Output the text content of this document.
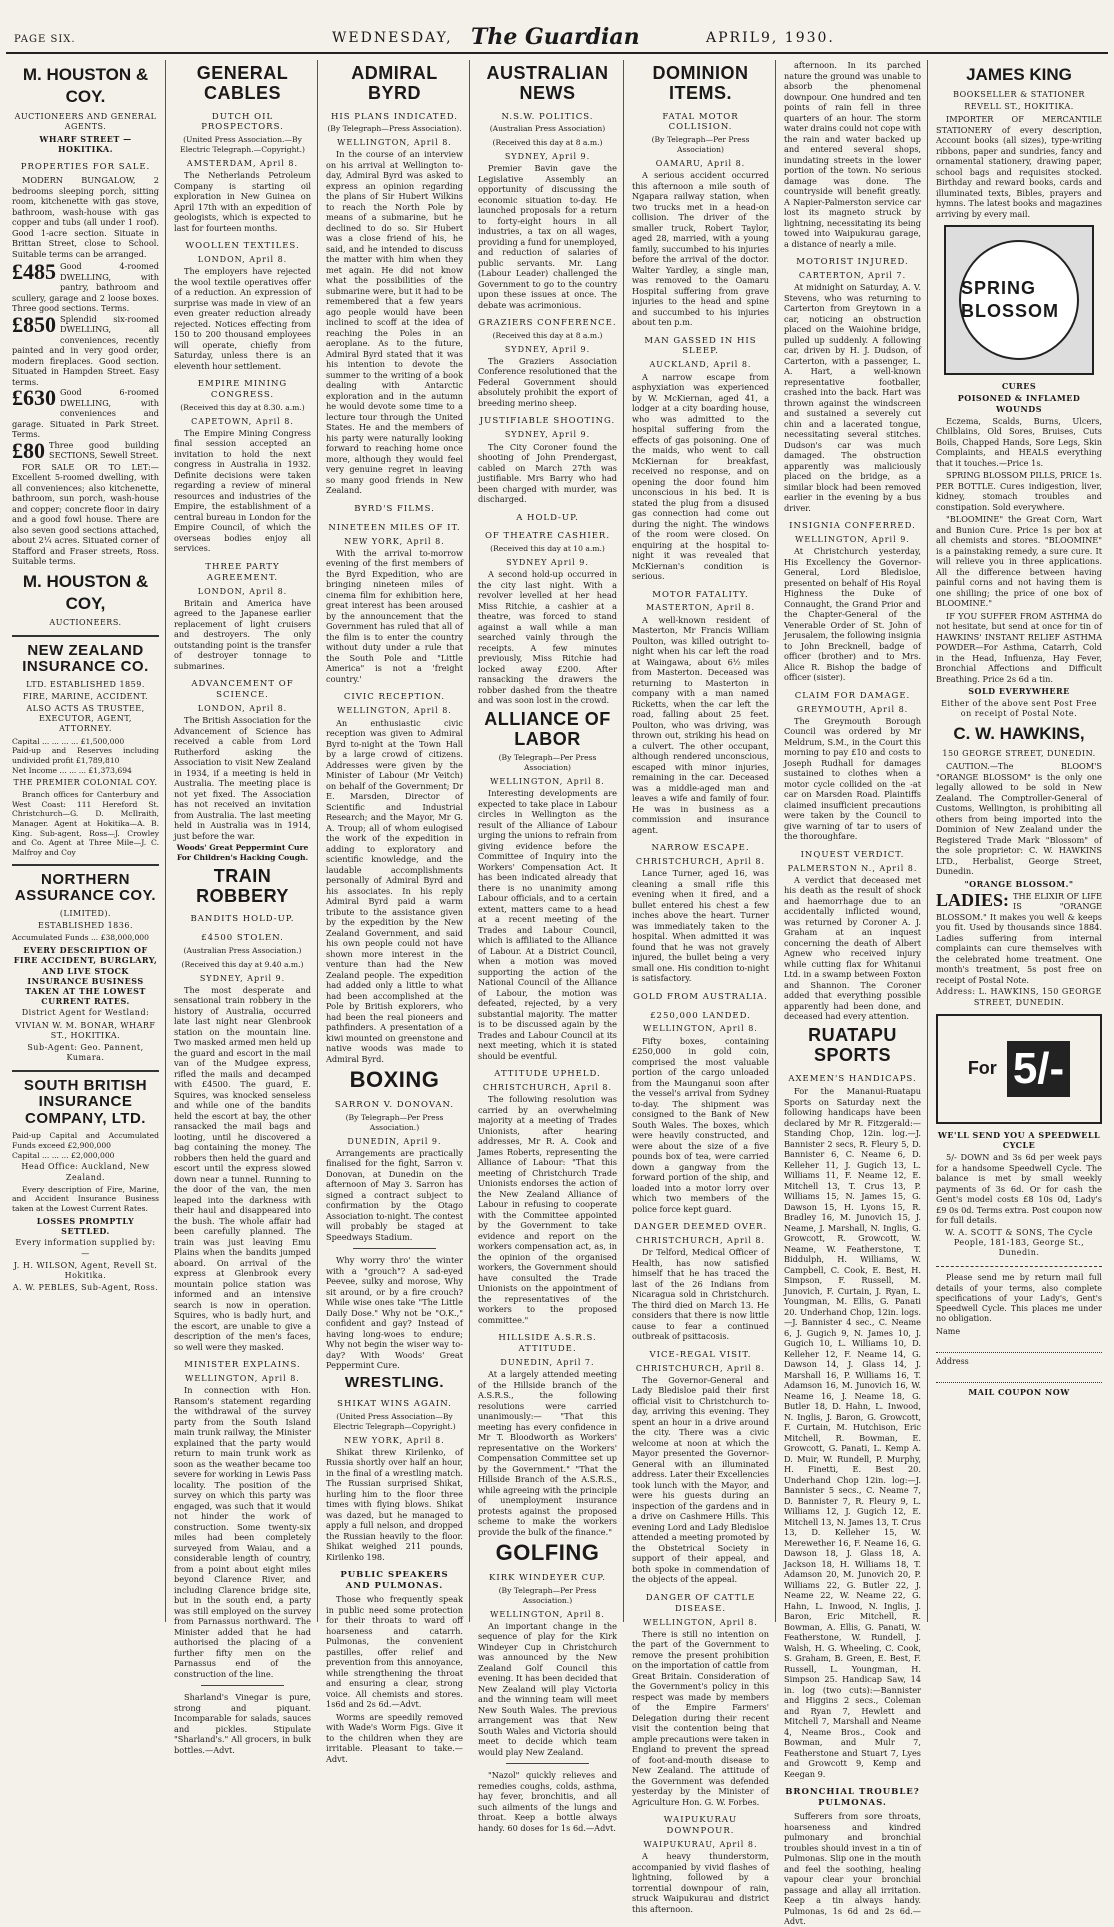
PAGE SIX.	WEDNESDAY, The Guardian	APRIL 9, 1930.
M. HOUSTON & COY.
AUCTIONEERS AND GENERAL AGENTS.
WHARF STREET — HOKITIKA.
PROPERTIES FOR SALE.

MODERN BUNGALOW, 2 bedrooms sleeping porch, sitting room, kitchenette with gas stove, bathroom, wash-house with gas copper and tubs (all under 1 roof). Good 1-acre section. Situate in Brittan Street, close to School. Suitable terms can be arranged.

£485 Good 4-roomed DWELLING, with pantry, bathroom and scullery, garage and 2 loose boxes. Three good sections. Terms.
£850 Splendid six-roomed DWELLING, all conveniences, recently painted and in very good order, modern fireplaces. Good section. Situated in Hampden Street. Easy terms.
£630 Good 6-roomed DWELLING, with conveniences and garage. Situated in Park Street. Terms.
£80 Three good building SECTIONS, Sewell Street.

FOR SALE OR TO LET:—Excellent 5-roomed dwelling, with all conveniences; also kitchenette, bathroom, sun porch, wash-house and copper; concrete floor in dairy and a good fowl house. There are also seven good sections attached, about 2¼ acres. Situated corner of Stafford and Fraser streets, Ross. Suitable terms.

M. HOUSTON & COY,
AUCTIONEERS.
NEW ZEALAND INSURANCE CO.
LTD. ESTABLISHED 1859.
FIRE, MARINE, ACCIDENT.
ALSO ACTS AS TRUSTEE, EXECUTOR, AGENT, ATTORNEY.
Capital ... ... ... ... £1,500,000
Paid-up and Reserves including undivided profit £1,789,810
Net Income ... ... ... £1,373,694
THE PREMIER COLONIAL COY.

Branch offices for Canterbury and West Coast: 111 Hereford St. Christchurch—G. D. McIlraith, Manager. Agent at Hokitika—A. B. King. Sub-agent, Ross—J. Crowley and Co. Agent at Three Mile—J. C. Malfroy and Coy

NORTHERN ASSURANCE COY.
(LIMITED).
ESTABLISHED 1836.
Accumulated Funds ... £38,000,000
EVERY DESCRIPTION OF FIRE ACCIDENT, BURGLARY, AND LIVE STOCK INSURANCE BUSINESS TAKEN AT THE LOWEST CURRENT RATES.
District Agent for Westland:
VIVIAN W. M. BONAR, WHARF ST., HOKITIKA.
Sub-Agent: Geo. Pannent, Kumara.
SOUTH BRITISH INSURANCE COMPANY, LTD.
Paid-up Capital and Accumulated Funds exceed £2,900,000
Capital ... ... ... £2,000,000
Head Office: Auckland, New Zealand.

Every description of Fire, Marine, and Accident Insurance Business taken at the Lowest Current Rates.

LOSSES PROMPTLY SETTLED.
Every information supplied by:—
J. H. WILSON, Agent, Revell St. Hokitika.
A. W. PEBLES, Sub-Agent, Ross.
GENERAL CABLES
DUTCH OIL PROSPECTORS.
(United Press Association.—By Electric Telegraph.—Copyright.)
AMSTERDAM, April 8.

The Netherlands Petroleum Company is starting oil exploration in New Guinea on April 17th with an expedition of geologists, which is expected to last for fourteen months.

WOOLLEN TEXTILES.
LONDON, April 8.

The employers have rejected the wool textile operatives offer of a reduction. An expression of surprise was made in view of an even greater reduction already rejected. Notices effecting from 150 to 200 thousand employees will operate, chiefly from Saturday, unless there is an eleventh hour settlement.

EMPIRE MINING CONGRESS.
(Received this day at 8.30. a.m.)
CAPETOWN, April 8.

The Empire Mining Congress final session accepted an invitation to hold the next congress in Australia in 1932. Definite decisions were taken regarding a review of mineral resources and industries of the Empire, the establishment of a central bureau in London for the Empire Council, of which the overseas bodies enjoy all services.

THREE PARTY AGREEMENT.
LONDON, April 8.

Britain and America have agreed to the Japanese earlier replacement of light cruisers and destroyers. The only outstanding point is the transfer of destroyer tonnage to submarines.

ADVANCEMENT OF SCIENCE.
LONDON, April 8.

The British Association for the Advancement of Science has received a cable from Lord Rutherford asking the Association to visit New Zealand in 1934, if a meeting is held in Australia. The meeting place is not yet fixed. The Association has not received an invitation from Australia. The last meeting held in Australia was in 1914, just before the war.

Woods' Great Peppermint Cure For Children's Hacking Cough.
TRAIN ROBBERY
BANDITS HOLD-UP.
£4500 STOLEN.
(Australian Press Association.)
(Received this day at 9.40 a.m.)
SYDNEY, April 9.

The most desperate and sensational train robbery in the history of Australia, occurred late last night near Glenbrook station on the mountain line. Two masked armed men held up the guard and escort in the mail van of the Mudgee express, rifled the mails and decamped with £4500. The guard, E. Squires, was knocked senseless and while one of the bandits held the escort at bay, the other ransacked the mail bags and looting, until he discovered a bag containing the money. The robbers then held the guard and escort until the express slowed down near a tunnel. Running to the door of the van, the men leaped into the darkness with their haul and disappeared into the bush. The whole affair had been carefully planned. The train was just leaving Emu Plains when the bandits jumped aboard. On arrival of the express at Glenbrook every mountain police station was informed and an intensive search is now in operation. Squires, who is badly hurt, and the escort, are unable to give a description of the men's faces, so well were they masked.

MINISTER EXPLAINS.
WELLINGTON, April 8.

In connection with Hon. Ransom's statement regarding the withdrawal of the survey party from the South Island main trunk railway, the Minister explained that the party would return to main trunk work as soon as the weather became too severe for working in Lewis Pass locality. The position of the survey on which this party was engaged, was such that it would not hinder the work of construction. Some twenty-six miles had been completely surveyed from Waiau, and a considerable length of country, from a point about eight miles beyond Clarence River, and including Clarence bridge site, but in the south end, a party was still employed on the survey from Parnassus northward. The Minister added that he had authorised the placing of a further fifty men on the Parnassus end of the construction of the line.

Sharland's Vinegar is pure, strong and piquant. Incomparable for salads, sauces and pickles. Stipulate "Sharland's." All grocers, in bulk bottles.—Advt.

ADMIRAL BYRD
HIS PLANS INDICATED.
(By Telegraph—Press Association).
WELLINGTON, April 8.

In the course of an interview on his arrival at Wellington to-day, Admiral Byrd was asked to express an opinion regarding the plans of Sir Hubert Wilkins to reach the North Pole by means of a submarine, but he declined to do so. Sir Hubert was a close friend of his, he said, and he intended to discuss the matter with him when they met again. He did not know what the possibilities of the submarine were, but it had to be remembered that a few years ago people would have been inclined to scoff at the idea of reaching the Poles in an aeroplane. As to the future, Admiral Byrd stated that it was his intention to devote the summer to the writing of a book dealing with Antarctic exploration and in the autumn he would devote some time to a lecture tour through the United States. He and the members of his party were naturally looking forward to reaching home once more, although they would feel very genuine regret in leaving so many good friends in New Zealand.

BYRD'S FILMS.
NINETEEN MILES OF IT.
NEW YORK, April 8.

With the arrival to-morrow evening of the first members of the Byrd Expedition, who are bringing nineteen miles of cinema film for exhibition here, great interest has been aroused by the announcement that the Government has ruled that all of the film is to enter the country without duty under a rule that the South Pole and "Little America" is not a 'freight country.'

CIVIC RECEPTION.
WELLINGTON, April 8.

An enthusiastic civic reception was given to Admiral Byrd to-night at the Town Hall by a large crowd of citizens. Addresses were given by the Minister of Labour (Mr Veitch) on behalf of the Government; Dr E. Marsden, Director of Scientific and Industrial Research; and the Mayor, Mr G. A. Troup; all of whom eulogised the work of the expedition in adding to exploratory and scientific knowledge, and the laudable accomplishments personally of Admiral Byrd and his associates. In his reply Admiral Byrd paid a warm tribute to the assistance given by the expedition by the New Zealand Government, and said his own people could not have shown more interest in the venture than had the New Zealand people. The expedition had added only a little to what had been accomplished at the Pole by British explorers, who had been the real pioneers and pathfinders. A presentation of a kiwi mounted on greenstone and native woods was made to Admiral Byrd.

BOXING
SARRON V. DONOVAN.
(By Telegraph—Per Press Association.)
DUNEDIN, April 9.

Arrangements are practically finalised for the fight, Sarron v. Donovan, at Dunedin on the afternoon of May 3. Sarron has signed a contract subject to confirmation by the Otago Association to-night. The contest will probably be staged at Speedways Stadium.

Why worry thro' the winter with a "grouch"? A sad-eyed Peevee, sulky and morose, Why sit around, or by a fire crouch? While wise ones take "The Little Daily Dose." Why not be "O.K.," confident and gay? Instead of having long-woes to endure; Why not begin the wiser way to-day? With Woods' Great Peppermint Cure.

WRESTLING.
SHIKAT WINS AGAIN.
(United Press Association—By Electric Telegraph—Copyright.)
NEW YORK, April 8.

Shikat threw Kirilenko, of Russia shortly over half an hour, in the final of a wrestling match. The Russian surprised Shikat, hurling him to the floor three times with flying blows. Shikat was dazed, but he managed to apply a full nelson, and dropped the Russian heavily to the floor. Shikat weighed 211 pounds, Kirilenko 198.

PUBLIC SPEAKERS AND PULMONAS.

Those who frequently speak in public need some protection for their throats to ward off hoarseness and catarrh. Pulmonas, the convenient pastilles, offer relief and prevention from this annoyance, while strengthening the throat and ensuring a clear, strong voice. All chemists and stores. 1s6d and 2s 6d.—Advt.

Worms are speedily removed with Wade's Worm Figs. Give it to the children when they are irritable. Pleasant to take.—Advt.

AUSTRALIAN NEWS
N.S.W. POLITICS.
(Australian Press Association)
(Received this day at 8 a.m.)
SYDNEY, April 9.

Premier Bavin gave the Legislative Assembly an opportunity of discussing the economic situation to-day. He launched proposals for a return to forty-eight hours in all industries, a tax on all wages, providing a fund for unemployed, and reduction of salaries of public servants. Mr. Lang (Labour Leader) challenged the Government to go to the country upon these issues at once. The debate was acrimonious.

GRAZIERS CONFERENCE.
(Received this day at 8 a.m.)
SYDNEY, April 9.

The Graziers Association Conference resolutioned that the Federal Government should absolutely prohibit the export of breeding merino sheep.

JUSTIFIABLE SHOOTING.
SYDNEY, April 9.

The City Coroner found the shooting of John Prendergast, cabled on March 27th was justifiable. Mrs Barry who had been charged with murder, was discharged.

A HOLD-UP.
OF THEATRE CASHIER.
(Received this day at 10 a.m.)
SYDNEY April 9.

A second hold-up occurred in the city last night. With a revolver levelled at her head Miss Ritchie, a cashier at a theatre, was forced to stand against a wall while a man searched vainly through the receipts. A few minutes previously, Miss Ritchie had locked away £200. After ransacking the drawers the robber dashed from the theatre and was soon lost in the crowd.

ALLIANCE OF LABOR
(By Telegraph—Per Press Association)
WELLINGTON, April 8.

Interesting developments are expected to take place in Labour circles in Wellington as the result of the Alliance of Labour urging the unions to refrain from giving evidence before the Committee of Inquiry into the Workers' Compensation Act. It has been indicated already that there is no unanimity among Labour officials, and to a certain extent, matters came to a head at a recent meeting of the Trades and Labour Council, which is affiliated to the Alliance of Labour. At a District Council, when a motion was moved supporting the action of the National Council of the Alliance of Labour, the motion was defeated, rejected, by a very substantial majority. The matter is to be discussed again by the Trades and Labour Council at its next meeting, which it is stated should be eventful.

ATTITUDE UPHELD.
CHRISTCHURCH, April 8.

The following resolution was carried by an overwhelming majority at a meeting of Trades Unionists, after hearing addresses, Mr R. A. Cook and James Roberts, representing the Alliance of Labour: "That this meeting of Christchurch Trade Unionists endorses the action of the New Zealand Alliance of Labour in refusing to cooperate with the Committee appointed by the Government to take evidence and report on the workers compensation act, as, in the opinion of the organised workers, the Government should have consulted the Trade Unionists on the appointment of the representatives of the workers to the proposed committee."

HILLSIDE A.S.R.S. ATTITUDE.
DUNEDIN, April 7.

At a largely attended meeting of the Hillside branch of the A.S.R.S., the following resolutions were carried unanimously:— "That this meeting has every confidence in Mr T. Bloodworth as Workers' representative on the Workers' Compensation Committee set up by the Government." "That the Hillside Branch of the A.S.R.S., while agreeing with the principle of unemployment insurance protests against the proposed scheme to make the workers provide the bulk of the finance."

GOLFING
KIRK WINDEYER CUP.
(By Telegraph—Per Press Association.)
WELLINGTON, April 8.

An important change in the sequence of play for the Kirk Windeyer Cup in Christchurch was announced by the New Zealand Golf Council this evening. It has been decided that New Zealand will play Victoria and the winning team will meet New South Wales. The previous arrangement was that New South Wales and Victoria should meet to decide which team would play New Zealand.

"Nazol" quickly relieves and remedies coughs, colds, asthma, hay fever, bronchitis, and all such ailments of the lungs and throat. Keep a bottle always handy. 60 doses for 1s 6d.—Advt.

DOMINION ITEMS.
FATAL MOTOR COLLISION.
(By Telegraph—Per Press Association)
OAMARU, April 8.

A serious accident occurred this afternoon a mile south of Ngapara railway station, when two trucks met in a head-on collision. The driver of the smaller truck, Robert Taylor, aged 28, married, with a young family, succumbed to his injuries before the arrival of the doctor. Walter Yardley, a single man, was removed to the Oamaru Hospital suffering from grave injuries to the head and spine and succumbed to his injuries about ten p.m.

MAN GASSED IN HIS SLEEP.
AUCKLAND, April 8.

A narrow escape from asphyxiation was experienced by W. McKiernan, aged 41, a lodger at a city boarding house, who was admitted to the hospital suffering from the effects of gas poisoning. One of the maids, who went to call McKiernan for breakfast, received no response, and on opening the door found him unconscious in his bed. It is stated the plug from a disused gas connection had come out during the night. The windows of the room were closed. On enquiring at the hospital to-night it was revealed that McKiernan's condition is serious.

MOTOR FATALITY.
MASTERTON, April 8.

A well-known resident of Masterton, Mr Francis William Poulton, was killed outright to-night when his car left the road at Waingawa, about 6½ miles from Masterton. Deceased was returning to Masterton in company with a man named Ricketts, when the car left the road, falling about 25 feet. Poulton, who was driving, was thrown out, striking his head on a culvert. The other occupant, although rendered unconscious, escaped with minor injuries, remaining in the car. Deceased was a middle-aged man and leaves a wife and family of four. He was in business as a commission and insurance agent.

NARROW ESCAPE.
CHRISTCHURCH, April 8.

Lance Turner, aged 16, was cleaning a small rifle this evening when it fired, and a bullet entered his chest a few inches above the heart. Turner was immediately taken to the hospital. When admitted it was found that he was not gravely injured, the bullet being a very small one. His condition to-night is satisfactory.

GOLD FROM AUSTRALIA.
£250,000 LANDED.
WELLINGTON, April 8.

Fifty boxes, containing £250,000 in gold coin, comprised the most valuable portion of the cargo unloaded from the Maunganui soon after the vessel's arrival from Sydney to-day. The shipment was consigned to the Bank of New South Wales. The boxes, which were heavily constructed, and were about the size of a five pounds box of tea, were carried down a gangway from the forward portion of the ship, and loaded into a motor lorry over which two members of the police force kept guard.

DANGER DEEMED OVER.
CHRISTCHURCH, April 8.

Dr Telford, Medical Officer of Health, has now satisfied himself that he has traced the last of the 26 Indians from Nicaragua sold in Christchurch. The third died on March 13. He considers that there is now little cause to fear a continued outbreak of psittacosis.

VICE-REGAL VISIT.
CHRISTCHURCH, April 8.

The Governor-General and Lady Bledisloe paid their first official visit to Christchurch to-day, arriving this evening. They spent an hour in a drive around the city. There was a civic welcome at noon at which the Mayor presented the Governor-General with an illuminated address. Later their Excellencies took lunch with the Mayor, and were his guests during an inspection of the gardens and in a drive on Cashmere Hills. This evening Lord and Lady Bledisloe attended a meeting promoted by the Obstetrical Society in support of their appeal, and both spoke in commendation of the objects of the appeal.

DANGER OF CATTLE DISEASE.
WELLINGTON, April 8.

There is still no intention on the part of the Government to remove the present prohibition on the importation of cattle from Great Britain. Consideration of the Government's policy in this respect was made by members of the Empire Farmers' Delegation during their recent visit the contention being that ample precautions were taken in England to prevent the spread of foot-and-mouth disease to New Zealand. The attitude of the Government was defended yesterday by the Minister of Agriculture Hon. G. W. Forbes.

WAIPUKURAU DOWNPOUR.
WAIPUKURAU, April 8.

A heavy thunderstorm, accompanied by vivid flashes of lightning, followed by a torrential downpour of rain, struck Waipukurau and district this afternoon.

afternoon. In its parched nature the ground was unable to absorb the phenomenal downpour. One hundred and ten points of rain fell in three quarters of an hour. The storm water drains could not cope with the rain and water backed up and entered several shops, inundating streets in the lower portion of the town. No serious damage was done. The countryside will benefit greatly. A Napier-Palmerston service car lost its magneto struck by lightning, necessitating its being towed into Waipukurau garage, a distance of nearly a mile.

MOTORIST INJURED.
CARTERTON, April 7.

At midnight on Saturday, A. V. Stevens, who was returning to Carterton from Greytown in a car, noticing an obstruction placed on the Waiohine bridge, pulled up suddenly. A following car, driven by H. J. Dudson, of Carterton, with a passenger, L. A. Hart, a well-known representative footballer, crashed into the back. Hart was thrown against the windscreen and sustained a severely cut chin and a lacerated tongue, necessitating several stitches. Dudson's car was much damaged. The obstruction apparently was maliciously placed on the bridge, as a similar block had been removed earlier in the evening by a bus driver.

INSIGNIA CONFERRED.
WELLINGTON, April 9.

At Christchurch yesterday, His Excellency the Governor-General, Lord Bledisloe, presented on behalf of His Royal Highness the Duke of Connaught, the Grand Prior and the Chapter-General of the Venerable Order of St. John of Jerusalem, the following insignia to John Brecknell, badge of officer (brother) and to Mrs. Alice R. Bishop the badge of officer (sister).

CLAIM FOR DAMAGE.
GREYMOUTH, April 8.

The Greymouth Borough Council was ordered by Mr Meldrum, S.M., in the Court this morning to pay £10 and costs to Joseph Rudhall for damages sustained to clothes when a motor cycle collided on the ‐at car on Marsden Road. Plaintiffs claimed insufficient precautions were taken by the Council to give warning of tar to users of the thoroughfare.

INQUEST VERDICT.
PALMERSTON N., April 8.

A verdict that deceased met his death as the result of shock and haemorrhage due to an accidentally inflicted wound, was returned by Coroner A. J. Graham at an inquest concerning the death of Albert Agnew who received injury while cutting flax for Whitanui Ltd. in a swamp between Foxton and Shannon. The Coroner added that everything possible apparently had been done, and deceased had every attention.

RUATAPU SPORTS
AXEMEN'S HANDICAPS.

For the Mananui-Ruatapu Sports on Saturday next the following handicaps have been declared by Mr R. Fitzgerald:— Standing Chop, 12in. log.—J. Bannister 2 secs, R. Fleury 5, D. Bannister 6, C. Neame 6, D. Kelleher 11, J. Gugich 13, L. Williams 11, F. Neame 12, E. Mitchell 13, T. Crus 13, P. Williams 15, N. James 15, G. Dawson 15, H. Lyons 15, R. Bradley 16, M. Junovich 15, J. Neame, J. Marshall, N. Inglis, G. Growcott, R. Growcott, W. Neame, W. Featherstone, T. Biddulph, H. Williams, W. Campbell, C. Cook, E. Best, H. Simpson, F. Russell, M. Junovich, F. Curtain, J. Ryan, L. Youngman, M. Ellis, G. Panati 20. Underhand Chop, 12in. logs.—J. Bannister 4 sec., C. Neame 6, J. Gugich 9, N. James 10, J. Gugich 10, L. Williams 10, D. Kelleher 12, F. Neame 14, G. Dawson 14, J. Glass 14, J. Marshall 16, P. Williams 16, T. Adamson 16, M. Junovich 16, W. Neame 16, J. Neame 18, G. Butler 18, D. Hahn, L. Inwood, N. Inglis, J. Baron, G. Growcott, F. Curtain, M. Hutchison, Eric Mitchell, R. Bowman, E. Growcott, G. Panati, L. Kemp A. D. Muir, W. Rundell, P. Murphy, H. Finetti, E. Best 20. Underhand Chop 12in. log:—J. Bannister 5 secs., C. Neame 7, D. Bannister 7, R. Fleury 9, L. Williams 12, J. Gugich 12, E. Mitchell 13, N. James 13, T. Crus 13, D. Kelleher 15, W. Merewether 16, F. Neame 16, G. Dawson 18, J. Glass 18, A. Jackson 18, H. Williams 18, T. Adamson 20, M. Junovich 20, P. Williams 22, G. Butler 22, J. Neame 22, W. Neame 22, G. Hahn, L. Inwood, N. Inglis, J. Baron, Eric Mitchell, R. Bowman, A. Ellis, G. Panati, W. Featherstone, W. Rundell, J. Walsh, H. G. Wheeling, C. Cook, S. Graham, B. Green, E. Best, F. Russell, L. Youngman, H. Simpson 25. Handicap Saw, 14 in. log (two cuts):—Bannister and Higgins 2 secs., Coleman and Ryan 7, Hewlett and Mitchell 7, Marshall and Neame 4, Neame Bros., Cook and Bowman, and Mulr 7, Featherstone and Stuart 7, Lyes and Growcott 9, Kemp and Keegan 9.

BRONCHIAL TROUBLE? PULMONAS.

Sufferers from sore throats, hoarseness and kindred pulmonary and bronchial troubles should invest in a tin of Pulmonas. Slip one in the mouth and feel the soothing, healing vapour clear your bronchial passage and allay all irritation. Keep a tin always handy. Pulmonas, 1s 6d and 2s 6d.—Advt.

JAMES KING
BOOKSELLER & STATIONER
REVELL ST., HOKITIKA.

IMPORTER OF MERCANTILE STATIONERY of every description, Account books (all sizes), type-writing ribbons, paper and sundries, fancy and ornamental stationery, drawing paper, school bags and requisites stocked. Birthday and reward books, cards and illuminated texts, Bibles, prayers and hymns. The latest books and magazines arriving by every mail.

SPRING BLOSSOM
CURES
POISONED & INFLAMED WOUNDS

Eczema, Scalds, Burns, Ulcers, Chilblains, Old Sores, Bruises, Cuts Boils, Chapped Hands, Sore Legs, Skin Complaints, and HEALS everything that it touches.—Price 1s.

SPRING BLOSSOM PILLS, PRICE 1s. PER BOTTLE. Cures indigestion, liver, kidney, stomach troubles and constipation. Sold everywhere.

"BLOOMINE" the Great Corn, Wart and Bunion Cure. Price 1s per box at all chemists and stores. "BLOOMINE" is a painstaking remedy, a sure cure. It will relieve you in three applications. All the difference between having painful corns and not having them is one shilling; the price of one box of BLOOMINE."

IF YOU SUFFER FROM ASTHMA do not hesitate, but send at once for tin of HAWKINS' INSTANT RELIEF ASTHMA POWDER—For Asthma, Catarrh, Cold in the Head, Influenza, Hay Fever, Bronchial Affections and Difficult Breathing. Price 2s 6d a tin.

SOLD EVERYWHERE
Either of the above sent Post Free on receipt of Postal Note.
C. W. HAWKINS,
150 GEORGE STREET, DUNEDIN.

CAUTION.—The BLOOM'S "ORANGE BLOSSOM" is the only one legally allowed to be sold in New Zealand. The Comptroller-General of Customs, Wellington, is prohibiting all others from being imported into the Dominion of New Zealand under the Registered Trade Mark "Blossom" of the sole proprietor: C. W. HAWKINS LTD., Herbalist, George Street, Dunedin.

"ORANGE BLOSSOM."
LADIES: THE ELIXIR OF LIFE IS "ORANGE BLOSSOM." It makes you well & keeps you fit. Used by thousands since 1884. Ladies suffering from internal complaints can cure themselves with the celebrated home treatment. One month's treatment, 5s post free on receipt of Postal Note.
Address: L. HAWKINS, 150 GEORGE STREET, DUNEDIN.
For 5/-
WE'LL SEND YOU A SPEEDWELL CYCLE

5/- DOWN and 3s 6d per week pays for a handsome Speedwell Cycle. The balance is met by small weekly payments of 3s 6d. Or for cash the Gent's model costs £8 10s 0d, Lady's £9 0s 0d. Terms extra. Post coupon now for full details.

W. A. SCOTT & SONS, The Cycle People, 181-183, George St., Dunedin.

Please send me by return mail full details of your terms, also complete specifications of your Lady's, Gent's Speedwell Cycle. This places me under no obligation.

Name
Address
MAIL COUPON NOW
